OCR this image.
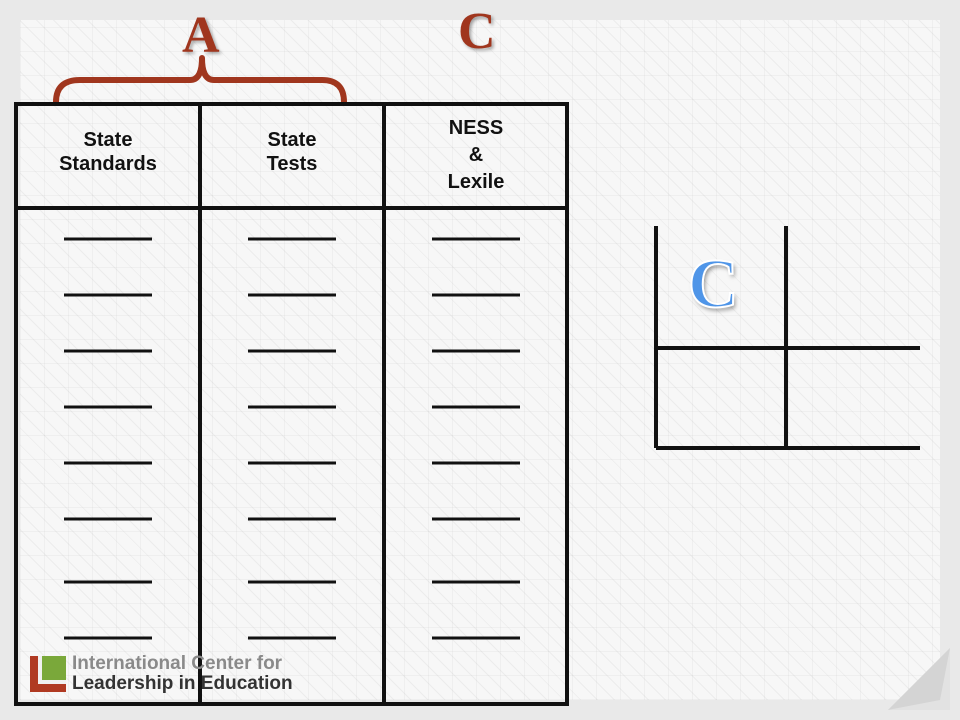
A	C
State
Standards
State
Tests
NESS
&
Lexile
C
International Center for
Leadership in Education
